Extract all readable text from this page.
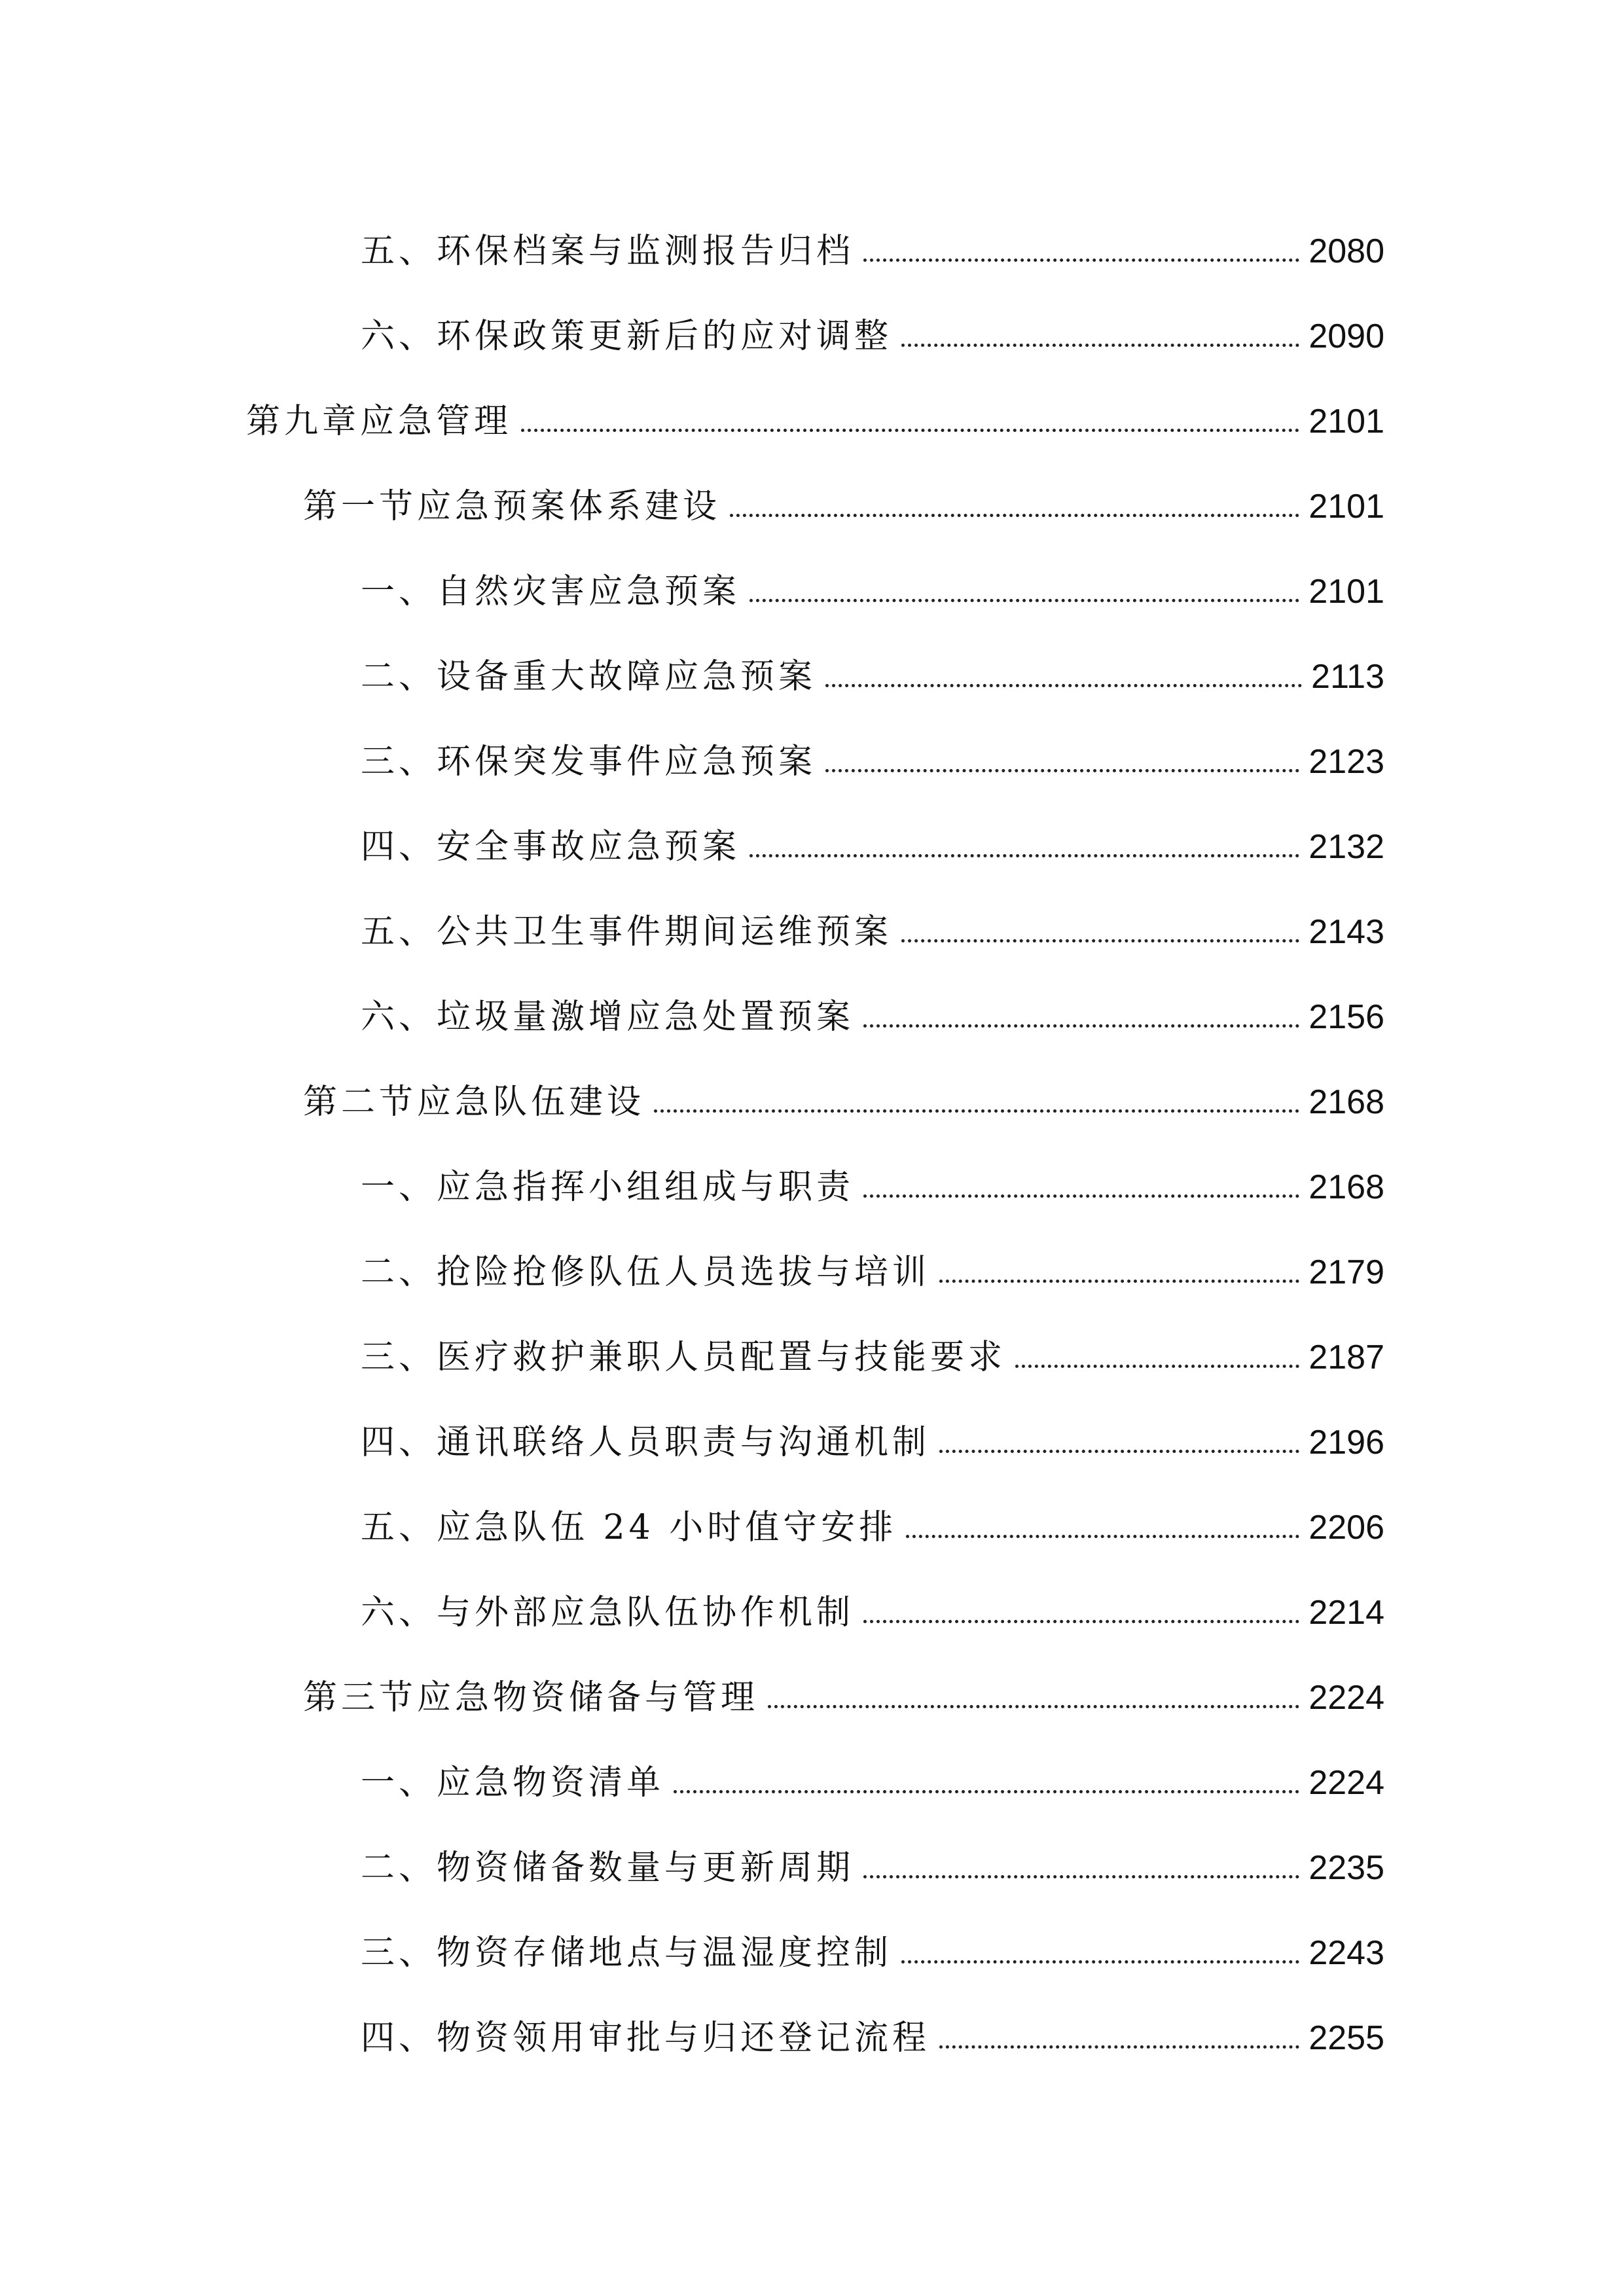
五、环保档案与监测报告归档	2080
六、环保政策更新后的应对调整	2090
第九章应急管理	2101
第一节应急预案体系建设	2101
一、自然灾害应急预案	2101
二、设备重大故障应急预案	2113
三、环保突发事件应急预案	2123
四、安全事故应急预案	2132
五、公共卫生事件期间运维预案	2143
六、垃圾量激增应急处置预案	2156
第二节应急队伍建设	2168
一、应急指挥小组组成与职责	2168
二、抢险抢修队伍人员选拔与培训	2179
三、医疗救护兼职人员配置与技能要求	2187
四、通讯联络人员职责与沟通机制	2196
五、应急队伍 24 小时值守安排	2206
六、与外部应急队伍协作机制	2214
第三节应急物资储备与管理	2224
一、应急物资清单	2224
二、物资储备数量与更新周期	2235
三、物资存储地点与温湿度控制	2243
四、物资领用审批与归还登记流程	2255
